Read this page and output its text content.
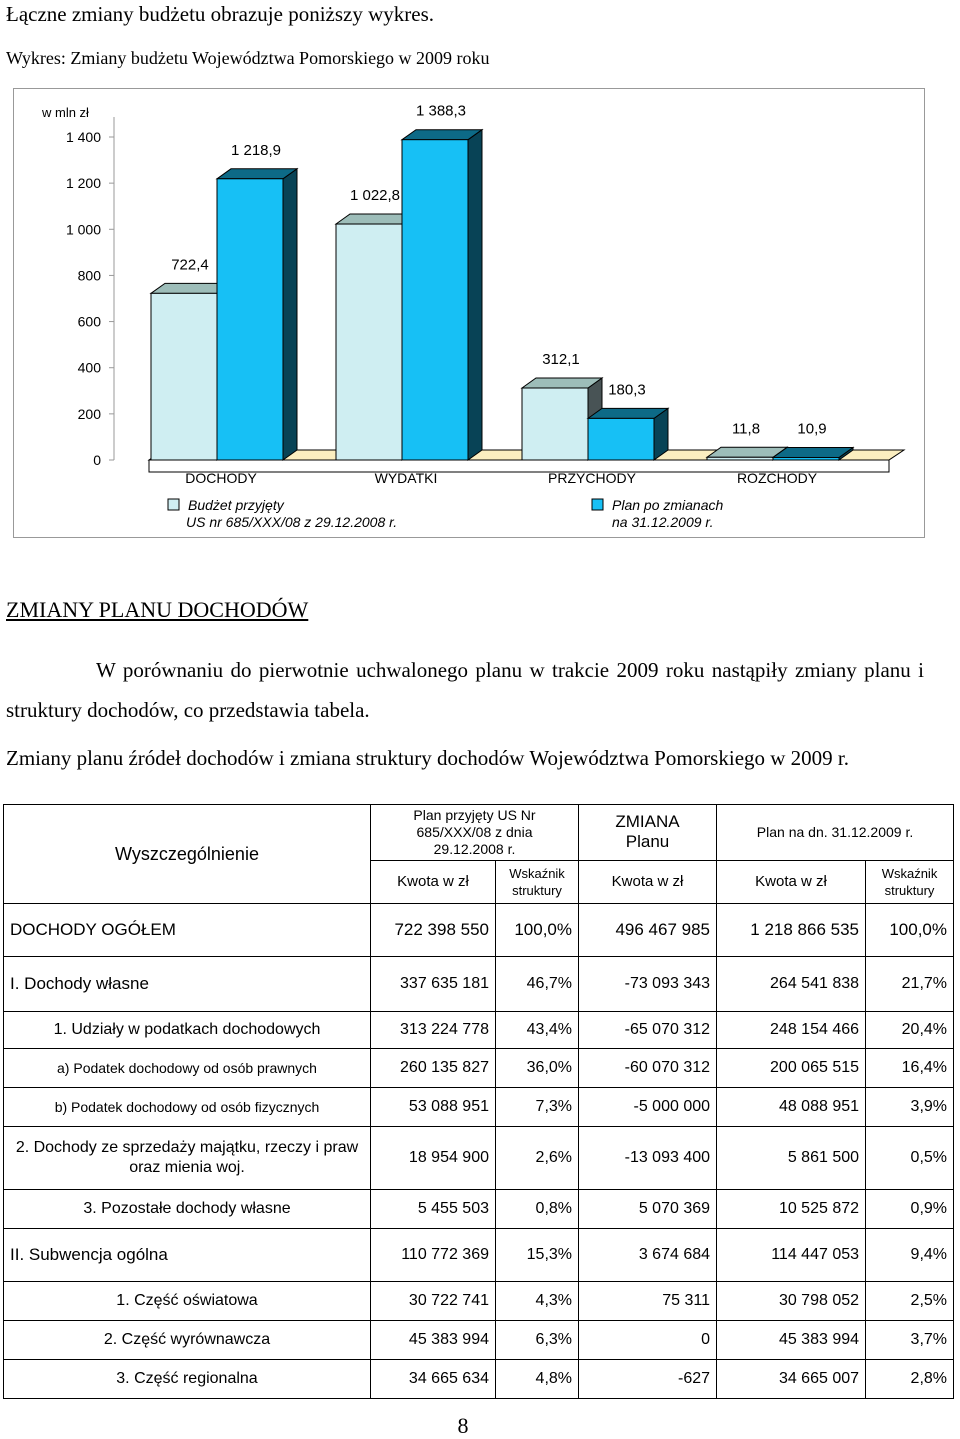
Łączne zmiany budżetu obrazuje poniższy wykres.
Wykres: Zmiany budżetu Województwa Pomorskiego w 2009 roku
w mln zł
0
200
400
600
800
1 000
1 200
1 400
722,4
1 218,9
DOCHODY
1 022,8
1 388,3
WYDATKI
312,1
180,3
PRZYCHODY
11,8 10,9
ROZCHODY
Budżet przyjęty
US nr 685/XXX/08 z 29.12.2008 r.
Plan po zmianach
na 31.12.2009 r.
ZMIANY PLANU DOCHODÓW
W porównaniu do pierwotnie uchwalonego planu w trakcie 2009 roku nastąpiły zmiany planu i struktury dochodów, co przedstawia tabela.
Zmiany planu źródeł dochodów i zmiana struktury dochodów Województwa Pomorskiego w 2009 r.
Wyszczególnienie	Plan przyjęty US Nr 685/XXX/08 z dnia 29.12.2008 r.		ZMIANA Planu	Plan na dn. 31.12.2009 r.	
	Kwota w zł	Wskaźnik struktury	Kwota w zł	Kwota w zł	Wskaźnik struktury
DOCHODY OGÓŁEM	722 398 550	100,0%	496 467 985	1 218 866 535	100,0%
I. Dochody własne	337 635 181	46,7%	-73 093 343	264 541 838	21,7%
1. Udziały w podatkach dochodowych	313 224 778	43,4%	-65 070 312	248 154 466	20,4%
a) Podatek dochodowy od osób prawnych	260 135 827	36,0%	-60 070 312	200 065 515	16,4%
b) Podatek dochodowy od osób fizycznych	53 088 951	7,3%	-5 000 000	48 088 951	3,9%
2. Dochody ze sprzedaży majątku, rzeczy i praw oraz mienia woj.	18 954 900	2,6%	-13 093 400	5 861 500	0,5%
3. Pozostałe dochody własne	5 455 503	0,8%	5 070 369	10 525 872	0,9%
II. Subwencja ogólna	110 772 369	15,3%	3 674 684	114 447 053	9,4%
1. Część oświatowa	30 722 741	4,3%	75 311	30 798 052	2,5%
2. Część wyrównawcza	45 383 994	6,3%	0	45 383 994	3,7%
3. Część regionalna	34 665 634	4,8%	-627	34 665 007	2,8%
8
